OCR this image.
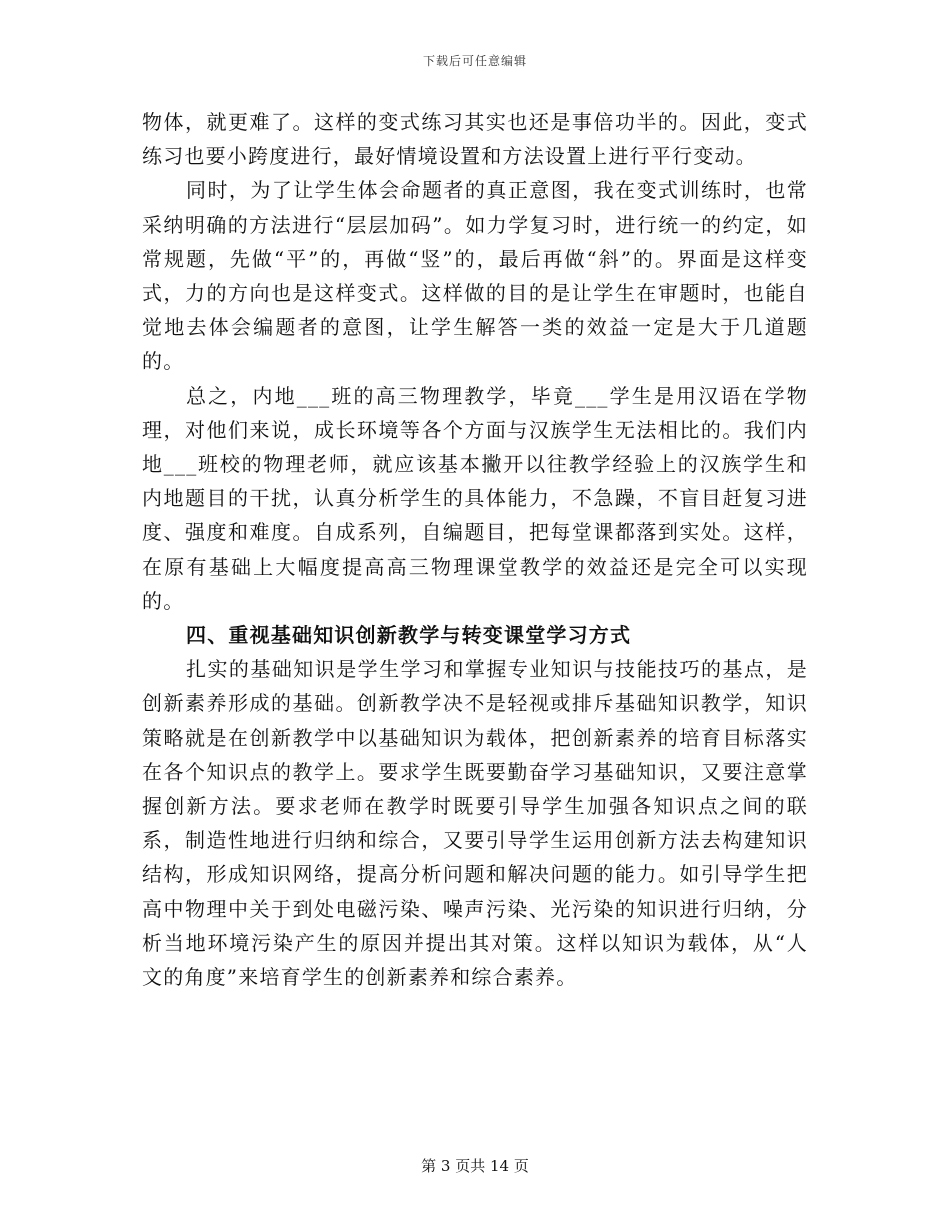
下载后可任意编辑

物体，就更难了。这样的变式练习其实也还是事倍功半的。因此，变式练习也要小跨度进行，最好情境设置和方法设置上进行平行变动。

同时，为了让学生体会命题者的真正意图，我在变式训练时，也常采纳明确的方法进行“层层加码”。如力学复习时，进行统一的约定，如常规题，先做“平”的，再做“竖”的，最后再做“斜”的。界面是这样变式，力的方向也是这样变式。这样做的目的是让学生在审题时，也能自觉地去体会编题者的意图，让学生解答一类的效益一定是大于几道题的。

总之，内地___班的高三物理教学，毕竟___学生是用汉语在学物理，对他们来说，成长环境等各个方面与汉族学生无法相比的。我们内地___班校的物理老师，就应该基本撇开以往教学经验上的汉族学生和内地题目的干扰，认真分析学生的具体能力，不急躁，不盲目赶复习进度、强度和难度。自成系列，自编题目，把每堂课都落到实处。这样，在原有基础上大幅度提高高三物理课堂教学的效益还是完全可以实现的。

四、重视基础知识创新教学与转变课堂学习方式

扎实的基础知识是学生学习和掌握专业知识与技能技巧的基点，是创新素养形成的基础。创新教学决不是轻视或排斥基础知识教学，知识策略就是在创新教学中以基础知识为载体，把创新素养的培育目标落实在各个知识点的教学上。要求学生既要勤奋学习基础知识，又要注意掌握创新方法。要求老师在教学时既要引导学生加强各知识点之间的联系，制造性地进行归纳和综合，又要引导学生运用创新方法去构建知识结构，形成知识网络，提高分析问题和解决问题的能力。如引导学生把高中物理中关于到处电磁污染、噪声污染、光污染的知识进行归纳，分析当地环境污染产生的原因并提出其对策。这样以知识为载体，从“人文的角度”来培育学生的创新素养和综合素养。

第 3 页共 14 页
